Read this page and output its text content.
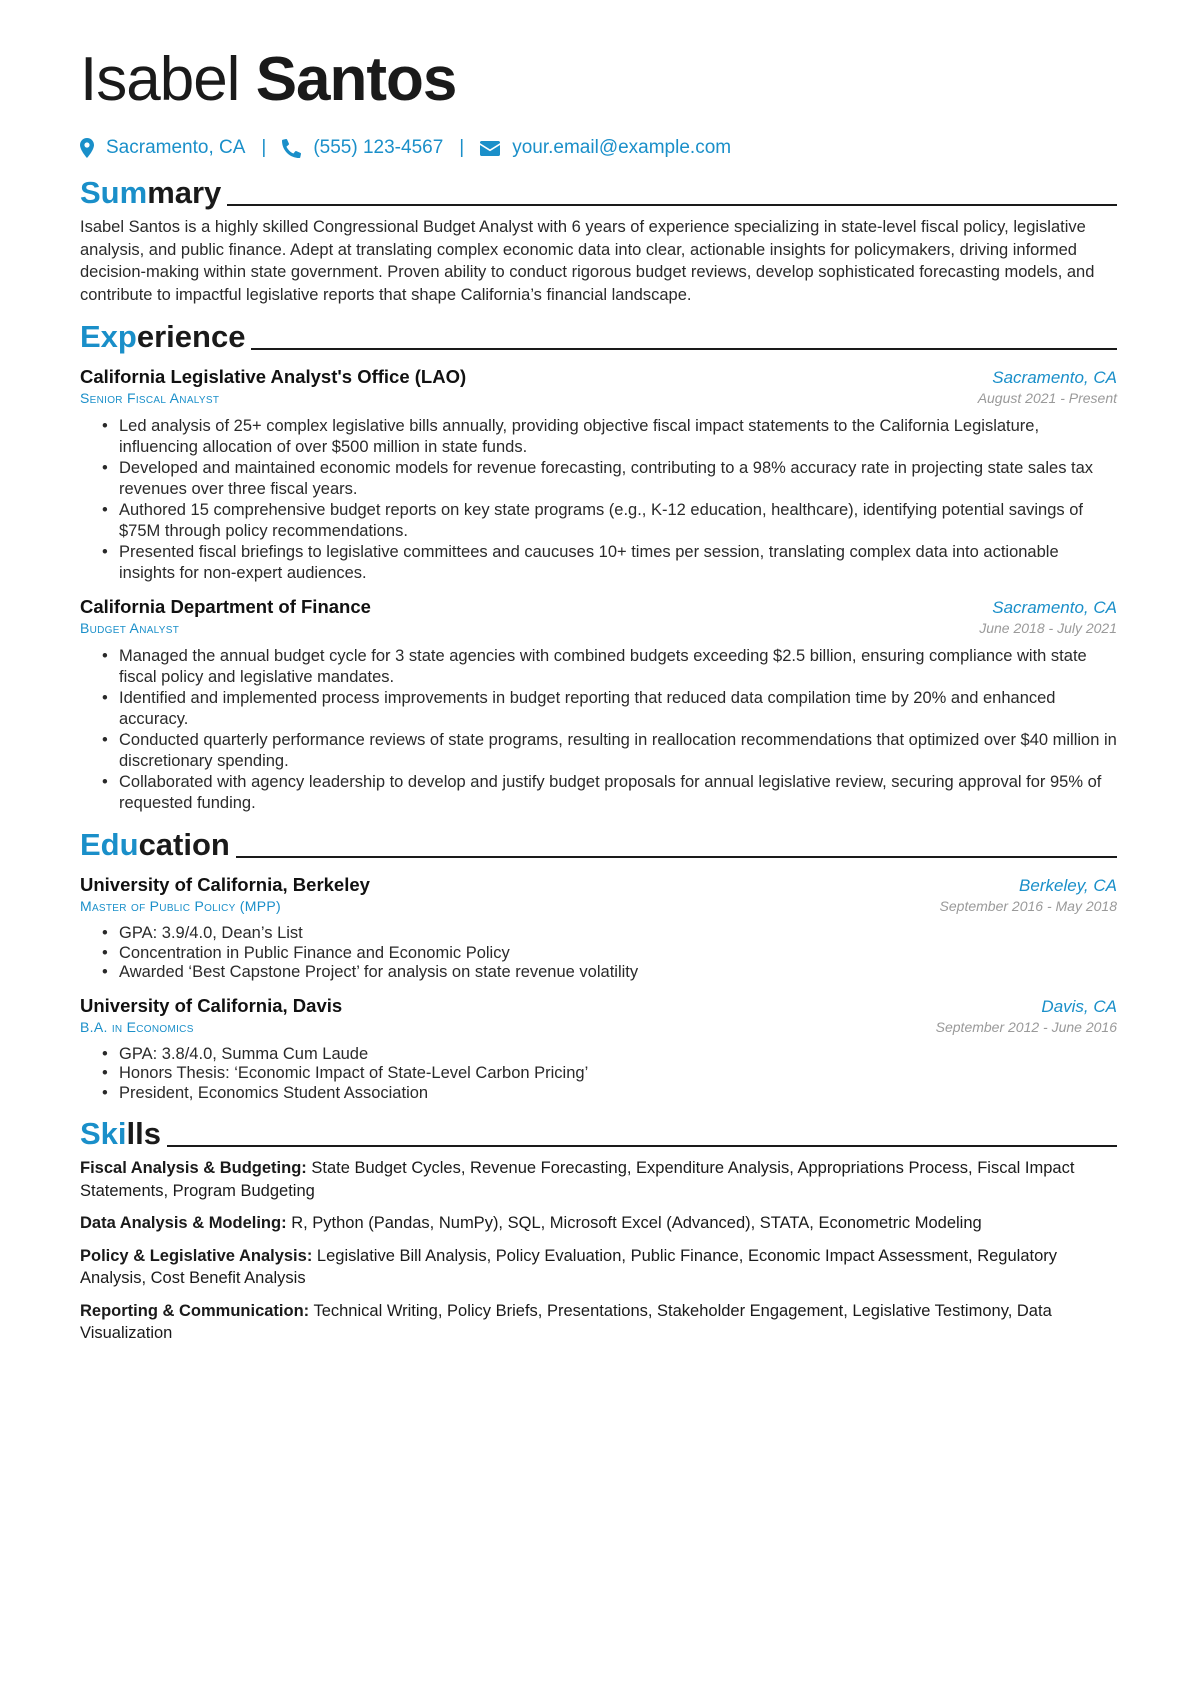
Isabel Santos
Sacramento, CA | (555) 123-4567 |	your.email@example.com
Summary
Isabel Santos is a highly skilled Congressional Budget Analyst with 6 years of experience specializing in state-level fiscal policy, legislative analysis, and public finance. Adept at translating complex economic data into clear, actionable insights for policymakers, driving informed decision-making within state government. Proven ability to conduct rigorous budget reviews, develop sophisticated forecasting models, and contribute to impactful legislative reports that shape California’s financial landscape.
Experience
California Legislative Analyst's Office (LAO)	Sacramento, CA
Senior Fiscal Analyst	August 2021 - Present
• Led analysis of 25+ complex legislative bills annually, providing objective fiscal impact statements to the California Legislature, influencing allocation of over $500 million in state funds.
• Developed and maintained economic models for revenue forecasting, contributing to a 98% accuracy rate in projecting state sales tax revenues over three fiscal years.
• Authored 15 comprehensive budget reports on key state programs (e.g., K-12 education, healthcare), identifying potential savings of $75M through policy recommendations.
• Presented fiscal briefings to legislative committees and caucuses 10+ times per session, translating complex data into actionable insights for non-expert audiences.
California Department of Finance	Sacramento, CA
Budget Analyst	June 2018 - July 2021
• Managed the annual budget cycle for 3 state agencies with combined budgets exceeding $2.5 billion, ensuring compliance with state fiscal policy and legislative mandates.
• Identified and implemented process improvements in budget reporting that reduced data compilation time by 20% and enhanced accuracy.
• Conducted quarterly performance reviews of state programs, resulting in reallocation recommendations that optimized over $40 million in discretionary spending.
• Collaborated with agency leadership to develop and justify budget proposals for annual legislative review, securing approval for 95% of requested funding.
Education
University of California, Berkeley	Berkeley, CA
Master of Public Policy (MPP)	September 2016 - May 2018
• GPA: 3.9/4.0, Dean’s List
• Concentration in Public Finance and Economic Policy
• Awarded ‘Best Capstone Project’ for analysis on state revenue volatility
University of California, Davis	Davis, CA
B.A. in Economics	September 2012 - June 2016
• GPA: 3.8/4.0, Summa Cum Laude
• Honors Thesis: ‘Economic Impact of State-Level Carbon Pricing’
• President, Economics Student Association
Skills
Fiscal Analysis & Budgeting: State Budget Cycles, Revenue Forecasting, Expenditure Analysis, Appropriations Process, Fiscal Impact Statements, Program Budgeting
Data Analysis & Modeling: R, Python (Pandas, NumPy), SQL, Microsoft Excel (Advanced), STATA, Econometric Modeling
Policy & Legislative Analysis: Legislative Bill Analysis, Policy Evaluation, Public Finance, Economic Impact Assessment, Regulatory Analysis, Cost Benefit Analysis
Reporting & Communication: Technical Writing, Policy Briefs, Presentations, Stakeholder Engagement, Legislative Testimony, Data Visualization
